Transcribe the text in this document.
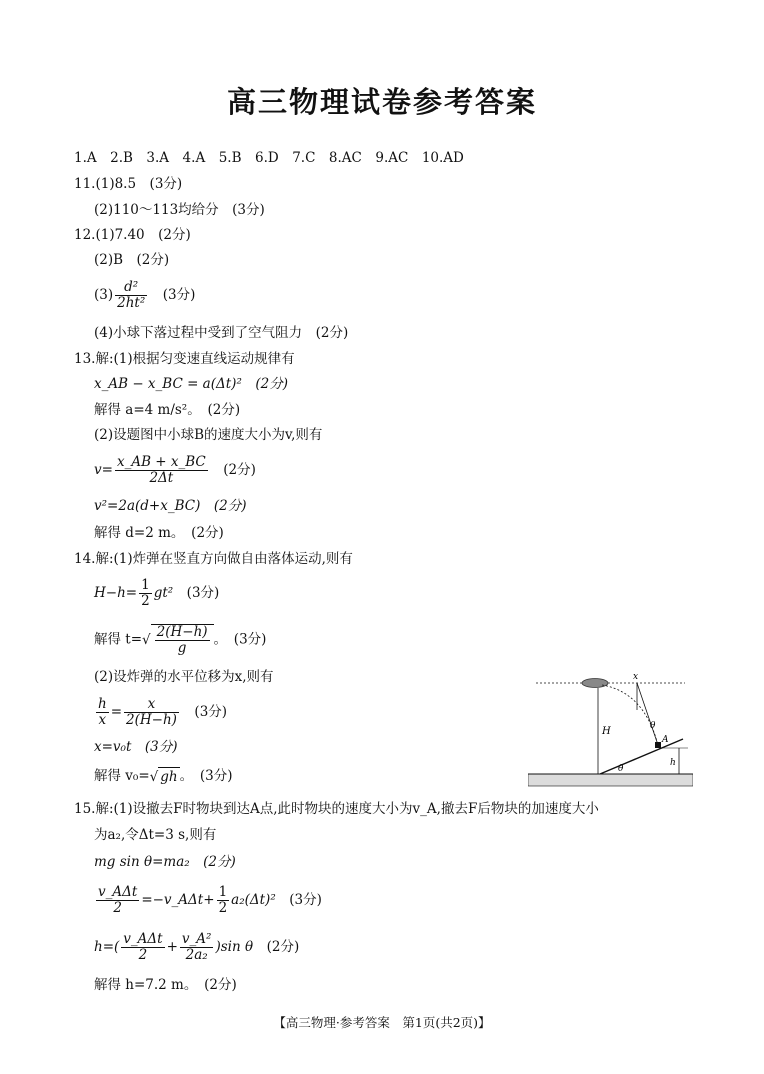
高三物理试卷参考答案
1.A　2.B　3.A　4.A　5.B　6.D　7.C　8.AC　9.AC　10.AD
11.(1)8.5　(3分)
(2)110～113均给分　(3分)
12.(1)7.40　(2分)
(2)B　(2分)
$(3) \frac{\text{d²}}{\text{2ht²}}$
　 (3分)
(4)小球下落过程中受到了空气阻力　(2分)
13.解:(1)根据匀变速直线运动规律有
x_AB − x_BC = a(Δt)²　(2分)
解得 a=4 m/s²。　(2分)
(2)设题图中小球B的速度大小为v,则有
$v= \frac{x\_AB + x\_BC}{2\Delta t}$
　 (2分)
v²=2a(d+x_BC)　(2分)
解得 d=2 m。　(2分)
14.解:(1)炸弹在竖直方向做自由落体运动,则有
$H-h= \frac{1}{2} gt^2$　 (3分)
解得 $t=√ \frac{2(H-h)}{g}$ 。　(3分)
(2)设炸弹的水平位移为x,则有
$\frac{h}{x} = \frac{x}{2(H-h)}$
　 (3分)
x=v₀t　(3分)
解得 v₀=√ gh 。　(3分)
x
θ
H
A
θ
h
15.解:(1)设撤去F时物块到达A点,此时物块的速度大小为v_A,撤去F后物块的加速度大小
为a₂,令Δt=3 s,则有
mg sin θ=ma₂　(2分)
$\frac{\text{v\_AΔt}}{2}$ =−v_AΔt+ $\frac{1}{2} a_2(\Delta t)^2$　 (3分)
$h=( \frac{\text{v\_AΔt}}{2} + \frac{\text{v\_A²}}{\text{2a₂}} )\sin$ θ　 (2分)
解得 h=7.2 m。　(2分)
【高三物理·参考答案　第1页(共2页)】
